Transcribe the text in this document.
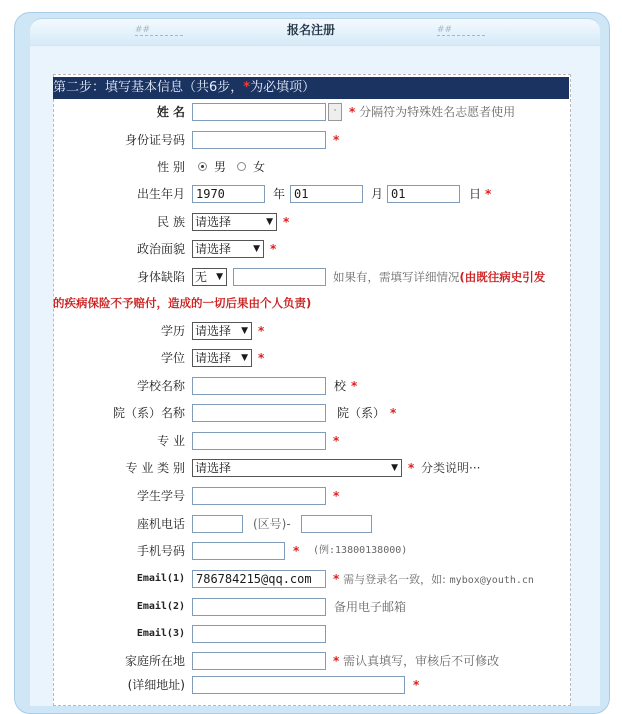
##	##
报名注册
第二步：填写基本信息（共6步，*为必填项）
姓 名	·	* 分隔符为特殊姓名志愿者使用
身份证号码	*
性 别 男 女
出生年月 1970	年 01	月 01	日 *
民 族 请选择	▼ *
政治面貌 请选择 ▼ *
身体缺陷 无 ▼	如果有，需填写详细情况(由既往病史引发
的疾病保险不予赔付，造成的一切后果由个人负责)
学历 请选择 ▼ *
学位 请选择 ▼ *
学校名称	校 *
院（系）名称	院（系） *
专 业	*
专 业 类 别 请选择	▼ * 分类说明···
学生学号	*
座机电话	(区号)-
手机号码	* (例:13800138000)
Email(1) 786784215@qq.com	* 需与登录名一致，如: mybox@youth.cn
Email(2)	备用电子邮箱
Email(3)
家庭所在地	* 需认真填写，审核后不可修改
(详细地址)	*
